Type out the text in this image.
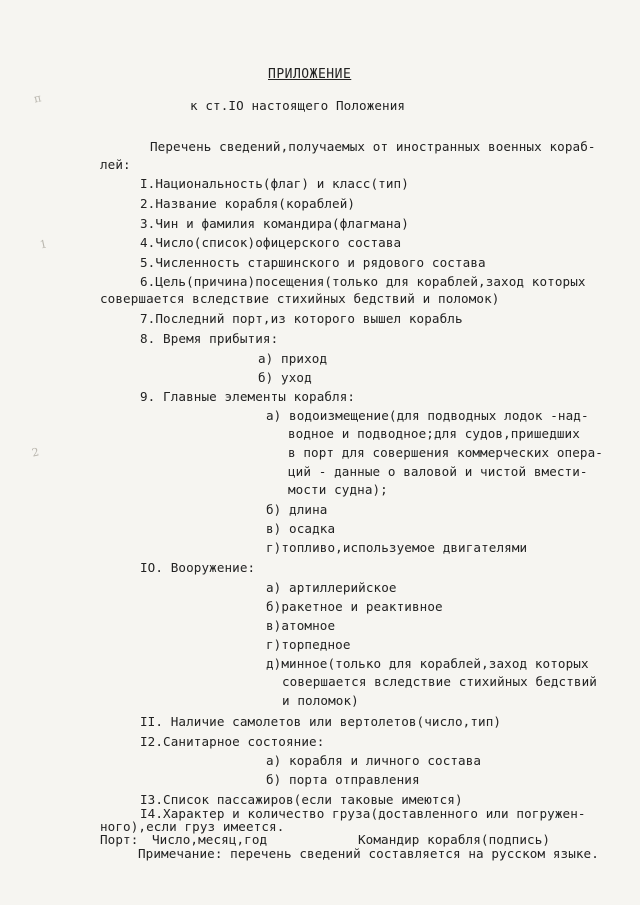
п
1
2
ПРИЛОЖЕНИЕ
к ст.IO настоящего Положения
Перечень сведений,получаемых от иностранных военных кораб-
лей:
I.Национальность(флаг) и класс(тип)
2.Название корабля(кораблей)
3.Чин и фамилия командира(флагмана)
4.Число(список)офицерского состава
5.Численность старшинского и рядового состава
6.Цель(причина)посещения(только для кораблей,заход которых
совершается вследствие стихийных бедствий и поломок)
7.Последний порт,из которого вышел корабль
8. Время прибытия:
а) приход
б) уход
9. Главные элементы корабля:
а) водоизмещение(для подводных лодок -над-
водное и подводное;для судов,пришедших
в порт для совершения коммерческих опера-
ций - данные о валовой и чистой вмести-
мости судна);
б) длина
в) осадка
г)топливо,используемое двигателями
IO. Вооружение:
а) артиллерийское
б)ракетное и реактивное
в)атомное
г)торпедное
д)минное(только для кораблей,заход которых
совершается вследствие стихийных бедствий
и поломок)
II. Наличие самолетов или вертолетов(число,тип)
I2.Санитарное состояние:
а) корабля и личного состава
б) порта отправления
I3.Список пассажиров(если таковые имеются)
I4.Характер и количество груза(доставленного или погружен-
ного),если груз имеется.
Порт: Число,месяц,год	Командир корабля(подпись)
Примечание: перечень сведений составляется на русском языке.
